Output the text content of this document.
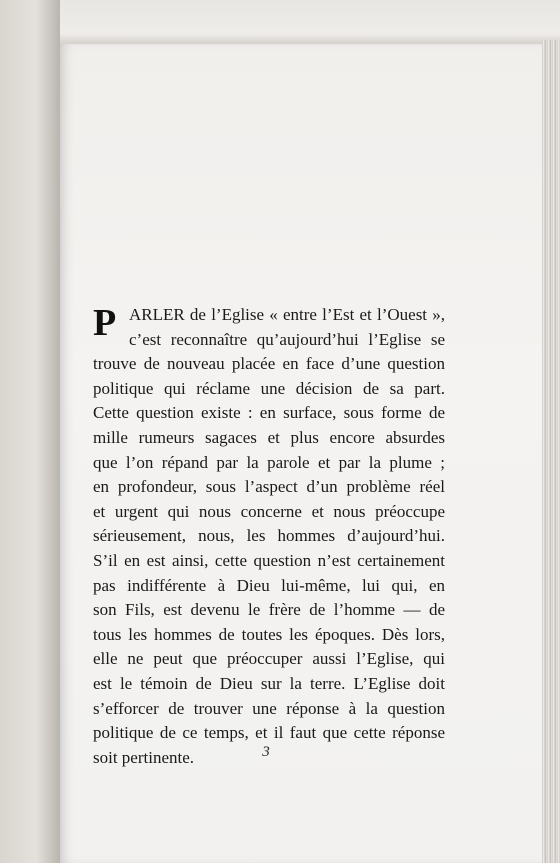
P ARLER de l’Eglise « entre l’Est et l’Ouest »,
c’est reconnaître qu’aujourd’hui l’Eglise se
trouve de nouveau placée en face d’une question
politique qui réclame une décision de sa part.
Cette question existe : en surface, sous forme de
mille rumeurs sagaces et plus encore absurdes
que l’on répand par la parole et par la plume ;
en profondeur, sous l’aspect d’un problème réel
et urgent qui nous concerne et nous préoccupe
sérieusement, nous, les hommes d’aujourd’hui.
S’il en est ainsi, cette question n’est certainement
pas indifférente à Dieu lui-même, lui qui, en
son Fils, est devenu le frère de l’homme — de
tous les hommes de toutes les époques. Dès lors,
elle ne peut que préoccuper aussi l’Eglise, qui
est le témoin de Dieu sur la terre. L’Eglise doit
s’efforcer de trouver une réponse à la question
politique de ce temps, et il faut que cette réponse
soit pertinente.	3
